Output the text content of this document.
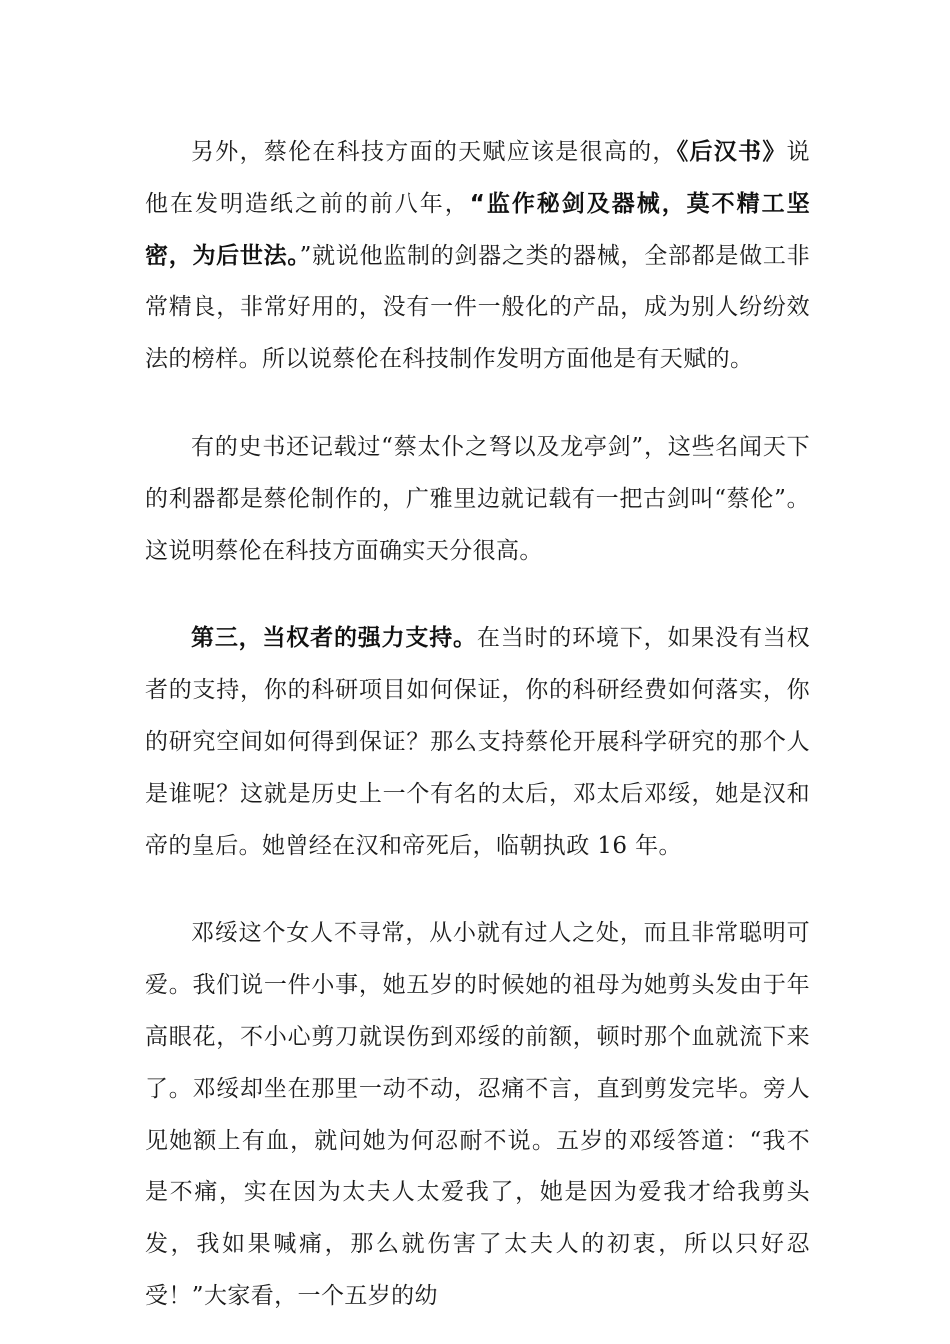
另外，蔡伦在科技方面的天赋应该是很高的，《后汉书》说他在发明造纸之前的前八年，“监作秘剑及器械，莫不精工坚密，为后世法。”就说他监制的剑器之类的器械，全部都是做工非常精良，非常好用的，没有一件一般化的产品，成为别人纷纷效法的榜样。所以说蔡伦在科技制作发明方面他是有天赋的。

有的史书还记载过“蔡太仆之弩以及龙亭剑”，这些名闻天下的利器都是蔡伦制作的，广雅里边就记载有一把古剑叫“蔡伦”。这说明蔡伦在科技方面确实天分很高。

第三，当权者的强力支持。在当时的环境下，如果没有当权者的支持，你的科研项目如何保证，你的科研经费如何落实，你的研究空间如何得到保证？那么支持蔡伦开展科学研究的那个人是谁呢？这就是历史上一个有名的太后，邓太后邓绥，她是汉和帝的皇后。她曾经在汉和帝死后，临朝执政 16 年。

邓绥这个女人不寻常，从小就有过人之处，而且非常聪明可爱。我们说一件小事，她五岁的时候她的祖母为她剪头发由于年高眼花，不小心剪刀就误伤到邓绥的前额，顿时那个血就流下来了。邓绥却坐在那里一动不动，忍痛不言，直到剪发完毕。旁人见她额上有血，就问她为何忍耐不说。五岁的邓绥答道：“我不是不痛，实在因为太夫人太爱我了，她是因为爱我才给我剪头发，我如果喊痛，那么就伤害了太夫人的初衷，所以只好忍受！”大家看，一个五岁的幼
